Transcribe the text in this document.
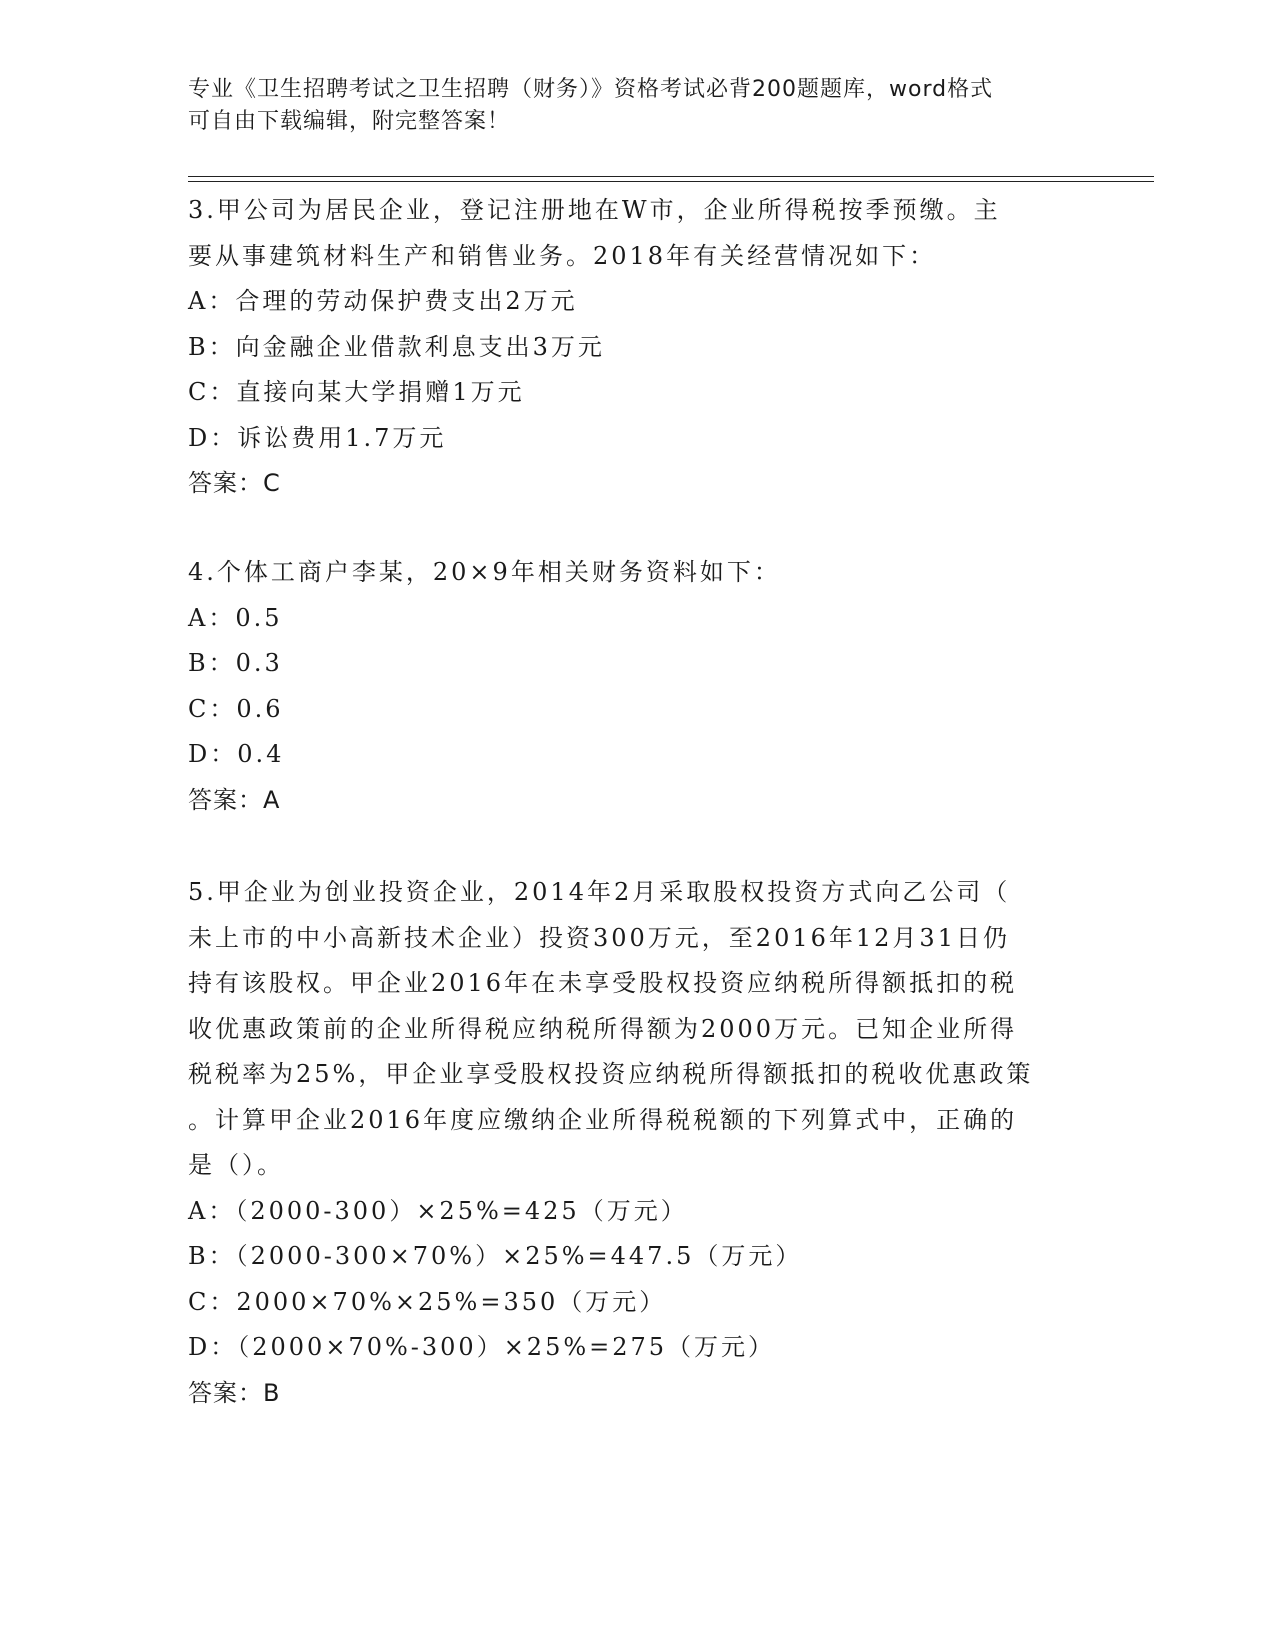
专业《卫生招聘考试之卫生招聘（财务）》资格考试必背200题题库，word格式
可自由下载编辑，附完整答案！

3.甲公司为居民企业，登记注册地在W市，企业所得税按季预缴。主

要从事建筑材料生产和销售业务。2018年有关经营情况如下：

A：合理的劳动保护费支出2万元

B：向金融企业借款利息支出3万元

C：直接向某大学捐赠1万元

D：诉讼费用1.7万元

答案：C

4.个体工商户李某，20×9年相关财务资料如下：

A：0.5

B：0.3

C：0.6

D：0.4

答案：A

5.甲企业为创业投资企业，2014年2月采取股权投资方式向乙公司（

未上市的中小高新技术企业）投资300万元，至2016年12月31日仍

持有该股权。甲企业2016年在未享受股权投资应纳税所得额抵扣的税

收优惠政策前的企业所得税应纳税所得额为2000万元。已知企业所得

税税率为25%，甲企业享受股权投资应纳税所得额抵扣的税收优惠政策

。计算甲企业2016年度应缴纳企业所得税税额的下列算式中，正确的

是（）。

A：（2000-300）×25%=425（万元）

B：（2000-300×70%）×25%=447.5（万元）

C：2000×70%×25%=350（万元）

D：（2000×70%-300）×25%=275（万元）

答案：B
